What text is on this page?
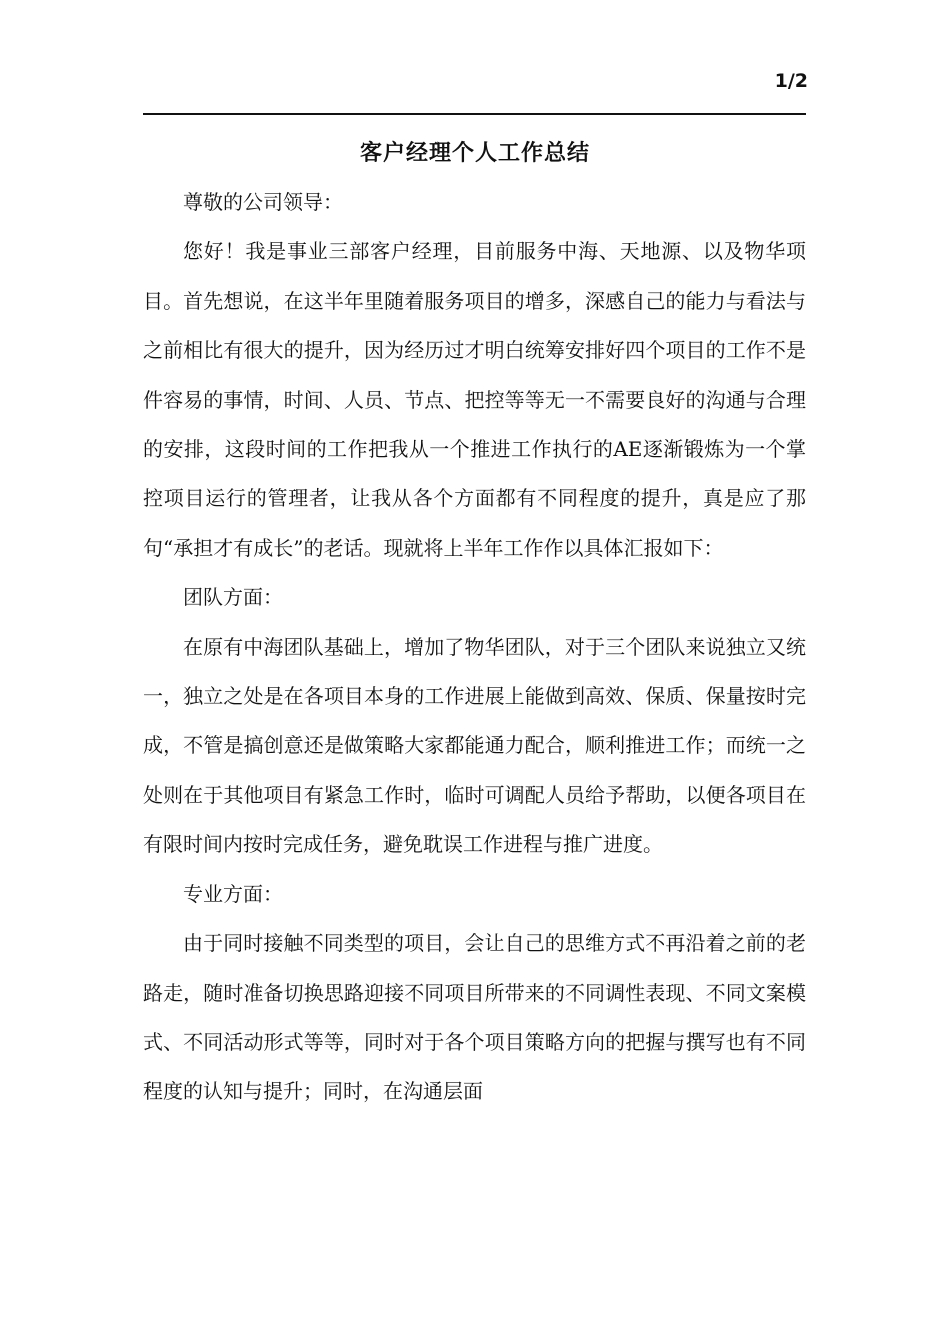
1/2
客户经理个人工作总结

尊敬的公司领导：

您好！我是事业三部客户经理，目前服务中海、天地源、以及物华项目。首先想说，在这半年里随着服务项目的增多，深感自己的能力与看法与之前相比有很大的提升，因为经历过才明白统筹安排好四个项目的工作不是件容易的事情，时间、人员、节点、把控等等无一不需要良好的沟通与合理的安排，这段时间的工作把我从一个推进工作执行的AE逐渐锻炼为一个掌控项目运行的管理者，让我从各个方面都有不同程度的提升，真是应了那句“承担才有成长”的老话。现就将上半年工作作以具体汇报如下：

团队方面：

在原有中海团队基础上，增加了物华团队，对于三个团队来说独立又统一，独立之处是在各项目本身的工作进展上能做到高效、保质、保量按时完成，不管是搞创意还是做策略大家都能通力配合，顺利推进工作；而统一之处则在于其他项目有紧急工作时，临时可调配人员给予帮助，以便各项目在有限时间内按时完成任务，避免耽误工作进程与推广进度。

专业方面：

由于同时接触不同类型的项目，会让自己的思维方式不再沿着之前的老路走，随时准备切换思路迎接不同项目所带来的不同调性表现、不同文案模式、不同活动形式等等，同时对于各个项目策略方向的把握与撰写也有不同程度的认知与提升；同时，在沟通层面
